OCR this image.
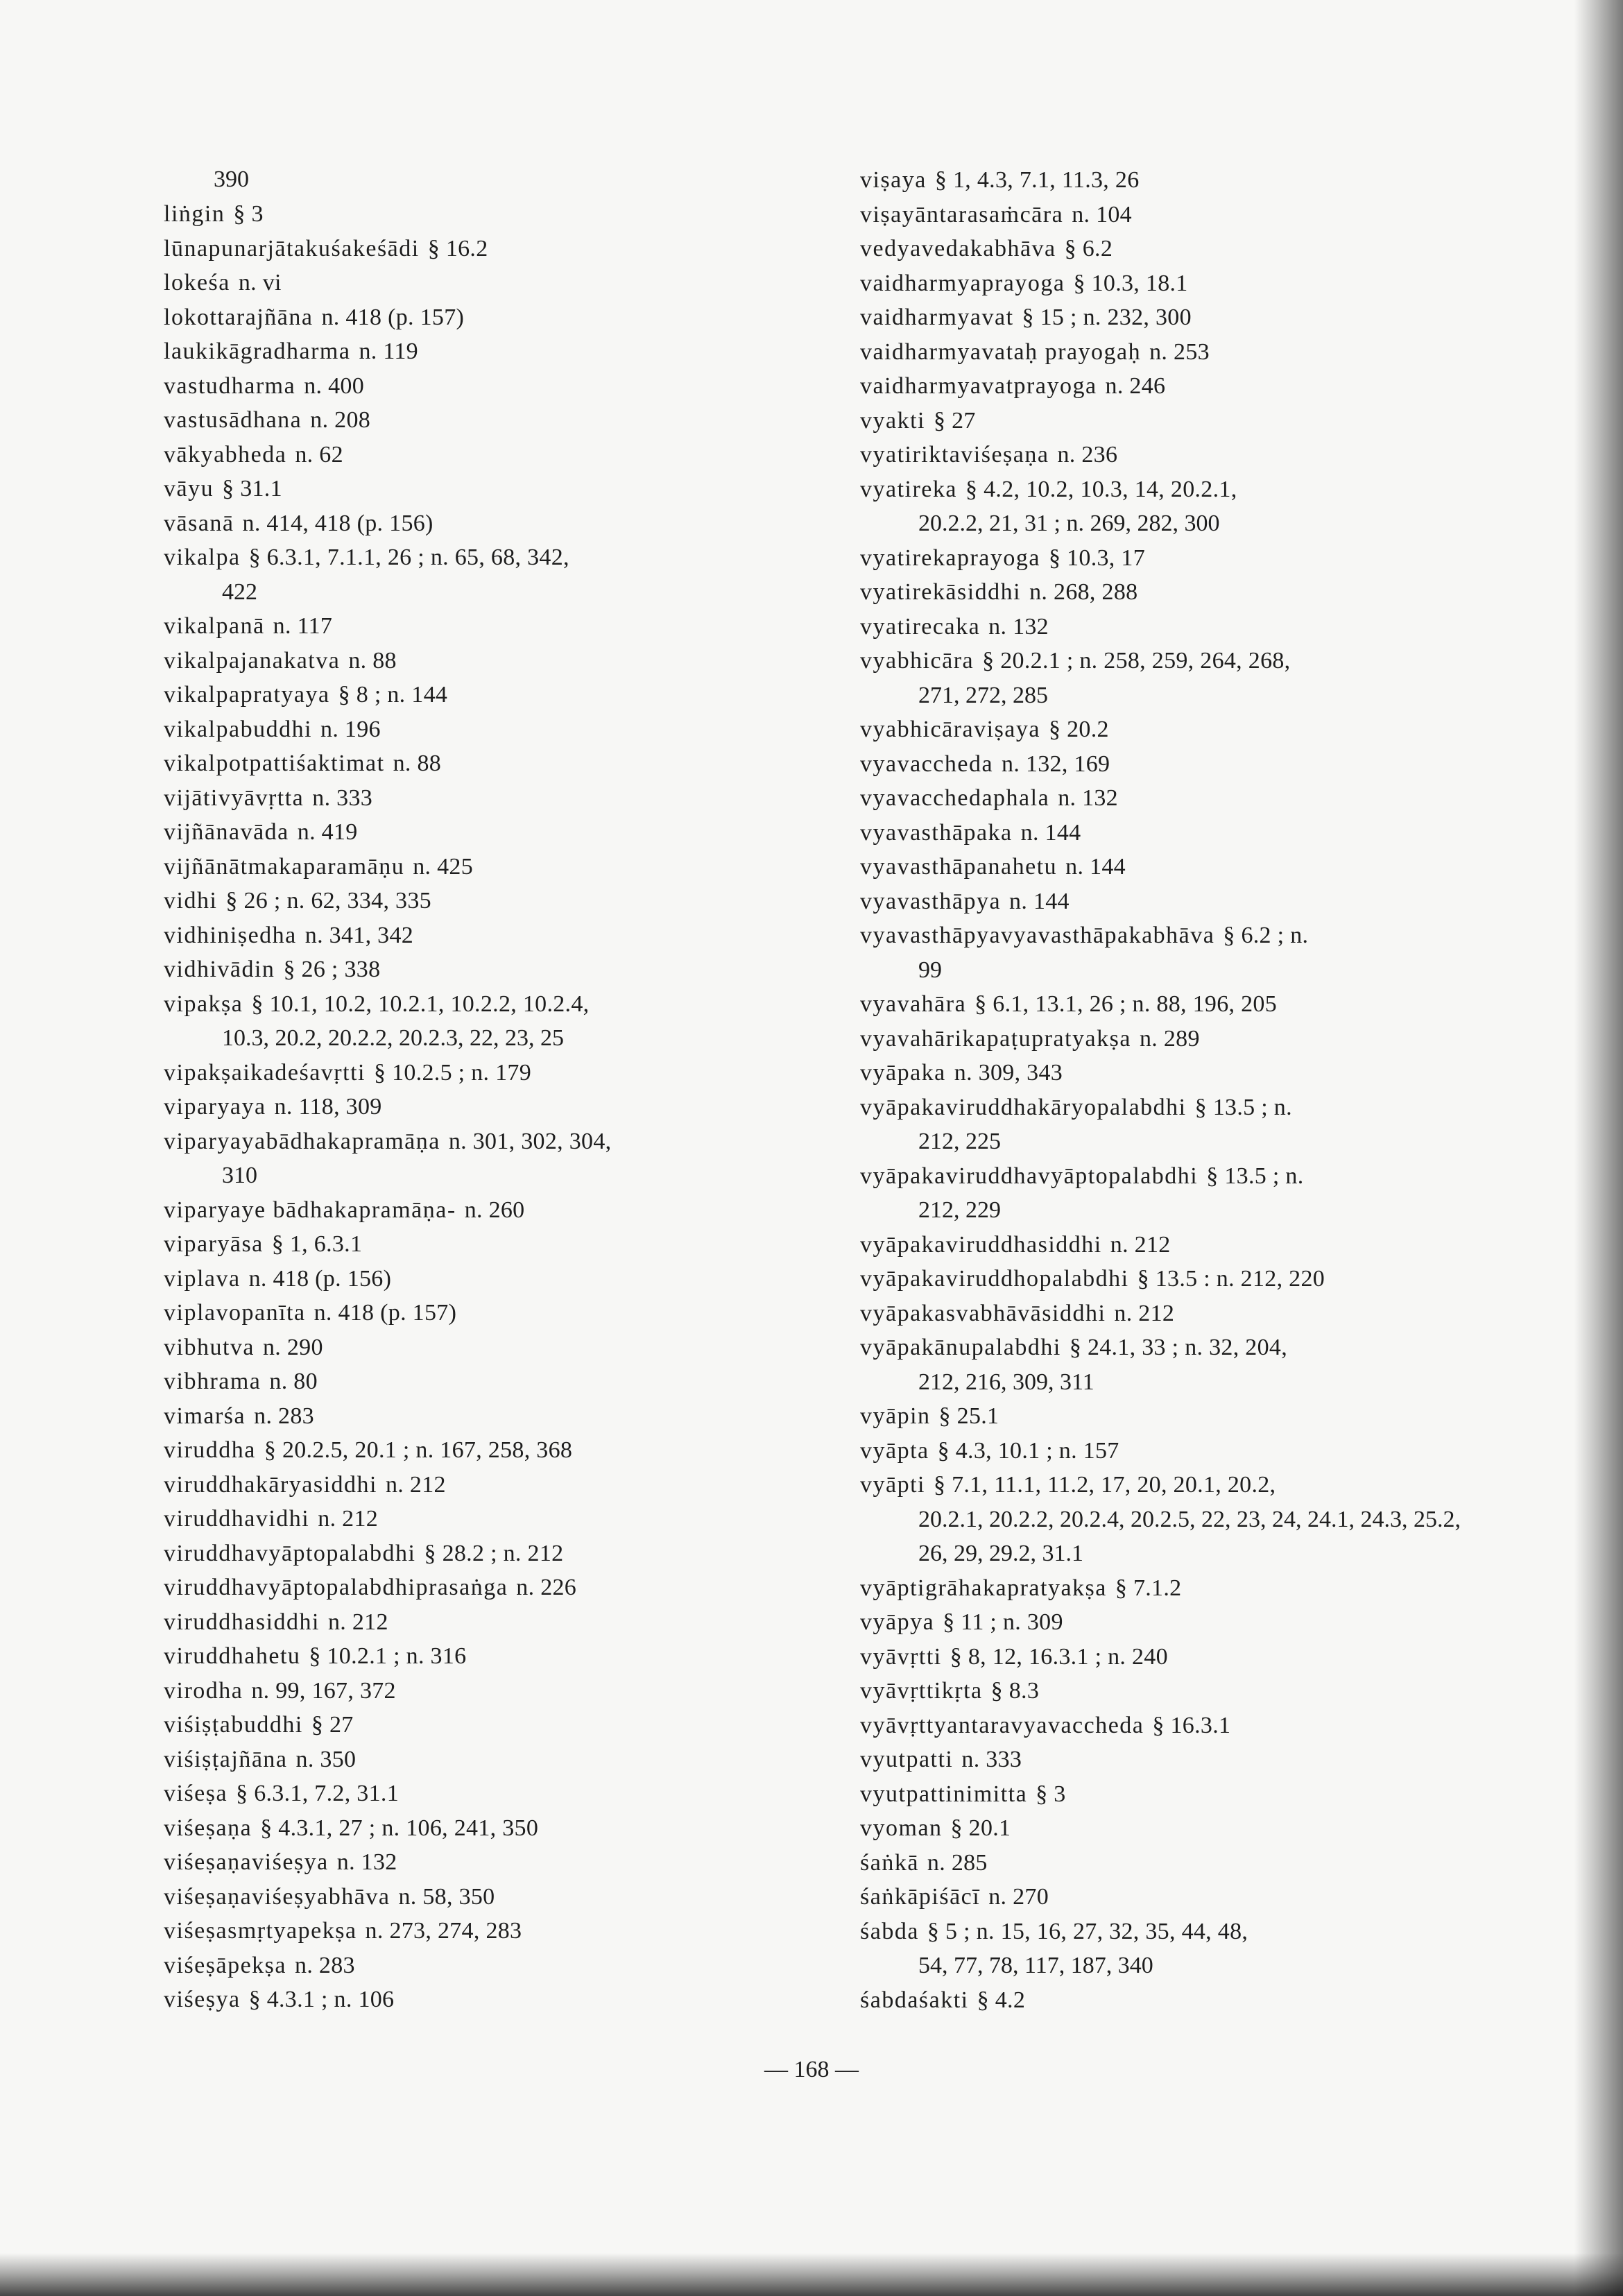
390
liṅgin § 3
lūnapunarjātakuśakeśādi § 16.2
lokeśa n. vi
lokottarajñāna n. 418 (p. 157)
laukikāgradharma n. 119
vastudharma n. 400
vastusādhana n. 208
vākyabheda n. 62
vāyu § 31.1
vāsanā n. 414, 418 (p. 156)
vikalpa § 6.3.1, 7.1.1, 26 ; n. 65, 68, 342,
422
vikalpanā n. 117
vikalpajanakatva n. 88
vikalpapratyaya § 8 ; n. 144
vikalpabuddhi n. 196
vikalpotpattiśaktimat n. 88
vijātivyāvṛtta n. 333
vijñānavāda n. 419
vijñānātmakaparamāṇu n. 425
vidhi § 26 ; n. 62, 334, 335
vidhiniṣedha n. 341, 342
vidhivādin § 26 ; 338
vipakṣa § 10.1, 10.2, 10.2.1, 10.2.2, 10.2.4,
10.3, 20.2, 20.2.2, 20.2.3, 22, 23, 25
vipakṣaikadeśavṛtti § 10.2.5 ; n. 179
viparyaya n. 118, 309
viparyayabādhakapramāṇa n. 301, 302, 304,
310
viparyaye bādhakapramāṇa- n. 260
viparyāsa § 1, 6.3.1
viplava n. 418 (p. 156)
viplavopanīta n. 418 (p. 157)
vibhutva n. 290
vibhrama n. 80
vimarśa n. 283
viruddha § 20.2.5, 20.1 ; n. 167, 258, 368
viruddhakāryasiddhi n. 212
viruddhavidhi n. 212
viruddhavyāptopalabdhi § 28.2 ; n. 212
viruddhavyāptopalabdhiprasaṅga n. 226
viruddhasiddhi n. 212
viruddhahetu § 10.2.1 ; n. 316
virodha n. 99, 167, 372
viśiṣṭabuddhi § 27
viśiṣṭajñāna n. 350
viśeṣa § 6.3.1, 7.2, 31.1
viśeṣaṇa § 4.3.1, 27 ; n. 106, 241, 350
viśeṣaṇaviśeṣya n. 132
viśeṣaṇaviśeṣyabhāva n. 58, 350
viśeṣasmṛtyapekṣa n. 273, 274, 283
viśeṣāpekṣa n. 283
viśeṣya § 4.3.1 ; n. 106
viṣaya § 1, 4.3, 7.1, 11.3, 26
viṣayāntarasaṁcāra n. 104
vedyavedakabhāva § 6.2
vaidharmyaprayoga § 10.3, 18.1
vaidharmyavat § 15 ; n. 232, 300
vaidharmyavataḥ prayogaḥ n. 253
vaidharmyavatprayoga n. 246
vyakti § 27
vyatiriktaviśeṣaṇa n. 236
vyatireka § 4.2, 10.2, 10.3, 14, 20.2.1,
20.2.2, 21, 31 ; n. 269, 282, 300
vyatirekaprayoga § 10.3, 17
vyatirekāsiddhi n. 268, 288
vyatirecaka n. 132
vyabhicāra § 20.2.1 ; n. 258, 259, 264, 268,
271, 272, 285
vyabhicāraviṣaya § 20.2
vyavaccheda n. 132, 169
vyavacchedaphala n. 132
vyavasthāpaka n. 144
vyavasthāpanahetu n. 144
vyavasthāpya n. 144
vyavasthāpyavyavasthāpakabhāva § 6.2 ; n.
99
vyavahāra § 6.1, 13.1, 26 ; n. 88, 196, 205
vyavahārikapaṭupratyakṣa n. 289
vyāpaka n. 309, 343
vyāpakaviruddhakāryopalabdhi § 13.5 ; n.
212, 225
vyāpakaviruddhavyāptopalabdhi § 13.5 ; n.
212, 229
vyāpakaviruddhasiddhi n. 212
vyāpakaviruddhopalabdhi § 13.5 : n. 212, 220
vyāpakasvabhāvāsiddhi n. 212
vyāpakānupalabdhi § 24.1, 33 ; n. 32, 204,
212, 216, 309, 311
vyāpin § 25.1
vyāpta § 4.3, 10.1 ; n. 157
vyāpti § 7.1, 11.1, 11.2, 17, 20, 20.1, 20.2,
20.2.1, 20.2.2, 20.2.4, 20.2.5, 22, 23, 24, 24.1, 24.3, 25.2, 26, 29, 29.2, 31.1
vyāptigrāhakapratyakṣa § 7.1.2
vyāpya § 11 ; n. 309
vyāvṛtti § 8, 12, 16.3.1 ; n. 240
vyāvṛttikṛta § 8.3
vyāvṛttyantaravyavaccheda § 16.3.1
vyutpatti n. 333
vyutpattinimitta § 3
vyoman § 20.1
śaṅkā n. 285
śaṅkāpiśācī n. 270
śabda § 5 ; n. 15, 16, 27, 32, 35, 44, 48,
54, 77, 78, 117, 187, 340
śabdaśakti § 4.2
— 168 —
